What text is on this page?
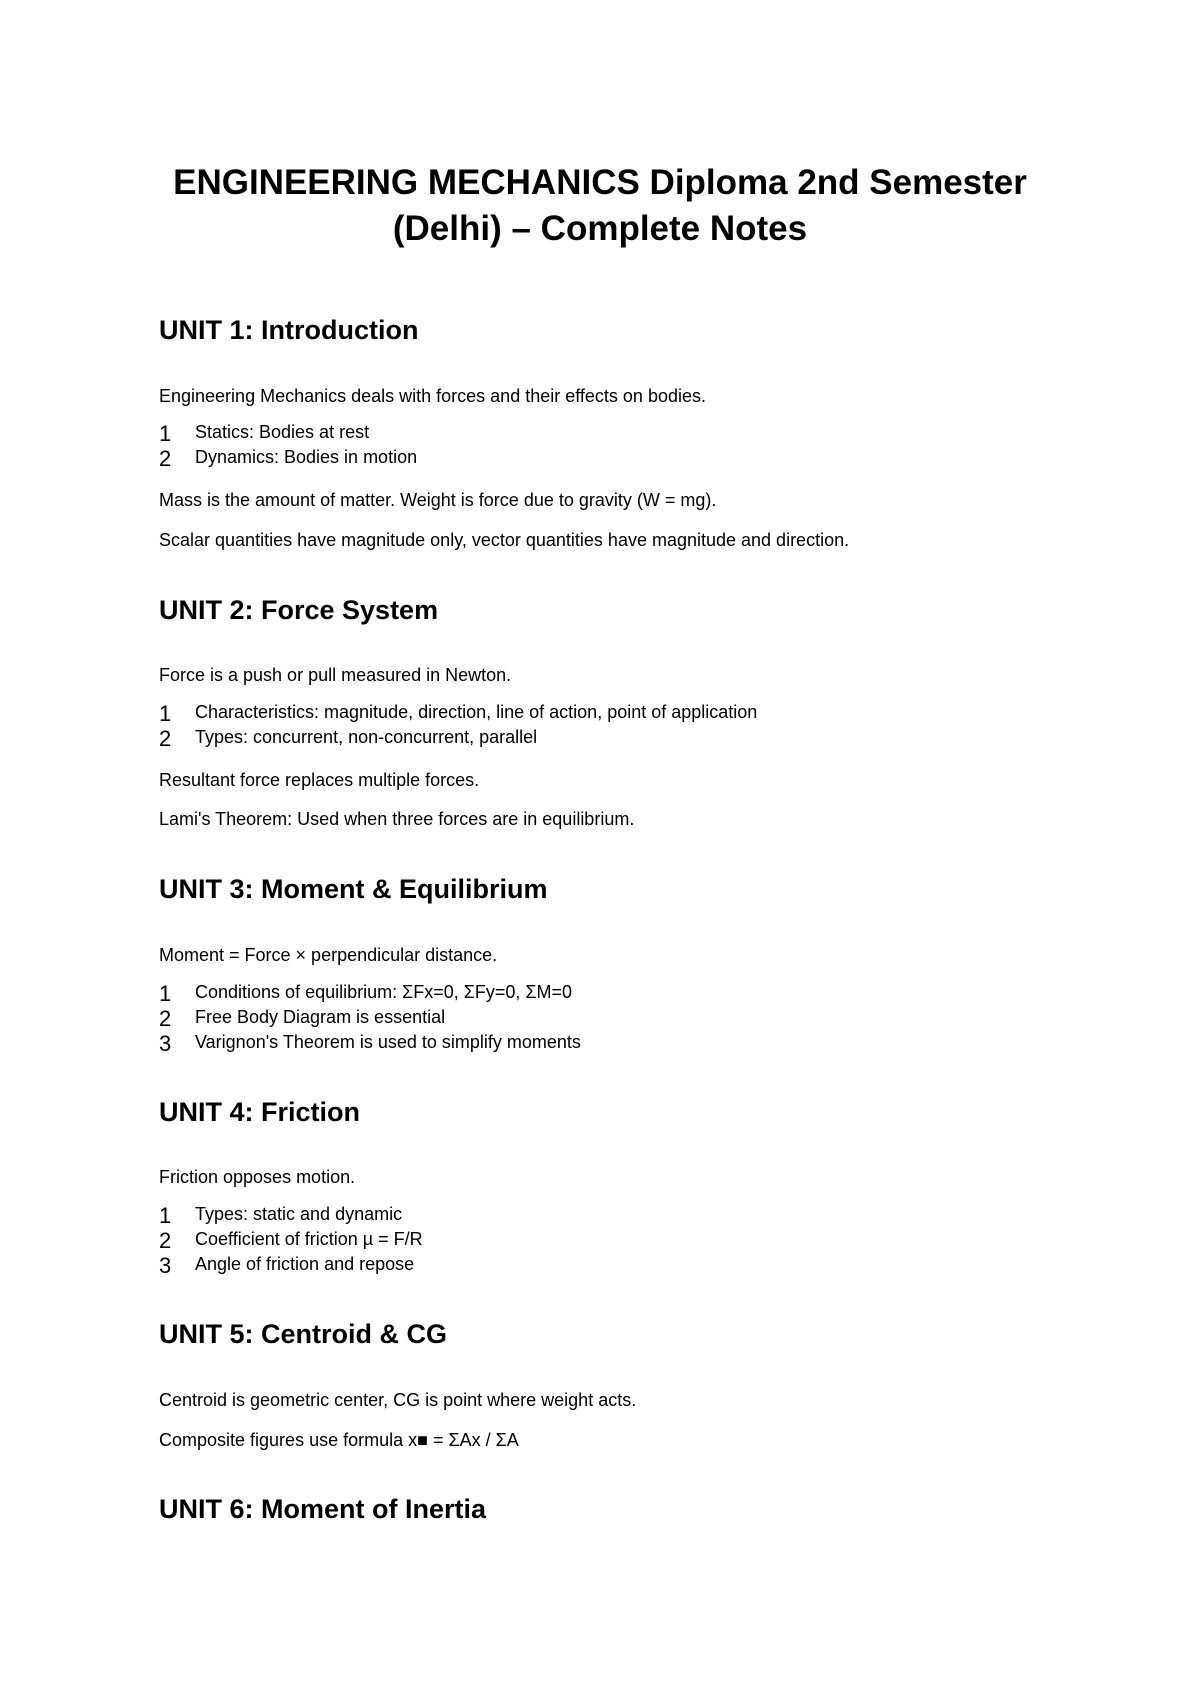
ENGINEERING MECHANICS Diploma 2nd Semester
(Delhi) – Complete Notes
UNIT 1: Introduction

Engineering Mechanics deals with forces and their effects on bodies.

1 Statics: Bodies at rest
2 Dynamics: Bodies in motion

Mass is the amount of matter. Weight is force due to gravity (W = mg).

Scalar quantities have magnitude only, vector quantities have magnitude and direction.

UNIT 2: Force System

Force is a push or pull measured in Newton.

1 Characteristics: magnitude, direction, line of action, point of application
2 Types: concurrent, non-concurrent, parallel

Resultant force replaces multiple forces.

Lami's Theorem: Used when three forces are in equilibrium.

UNIT 3: Moment & Equilibrium

Moment = Force × perpendicular distance.

1 Conditions of equilibrium: ΣFx=0, ΣFy=0, ΣM=0
2 Free Body Diagram is essential
3 Varignon's Theorem is used to simplify moments
UNIT 4: Friction

Friction opposes motion.

1 Types: static and dynamic
2 Coefficient of friction µ = F/R
3 Angle of friction and repose
UNIT 5: Centroid & CG

Centroid is geometric center, CG is point where weight acts.

Composite figures use formula x■ = ΣAx / ΣA

UNIT 6: Moment of Inertia
